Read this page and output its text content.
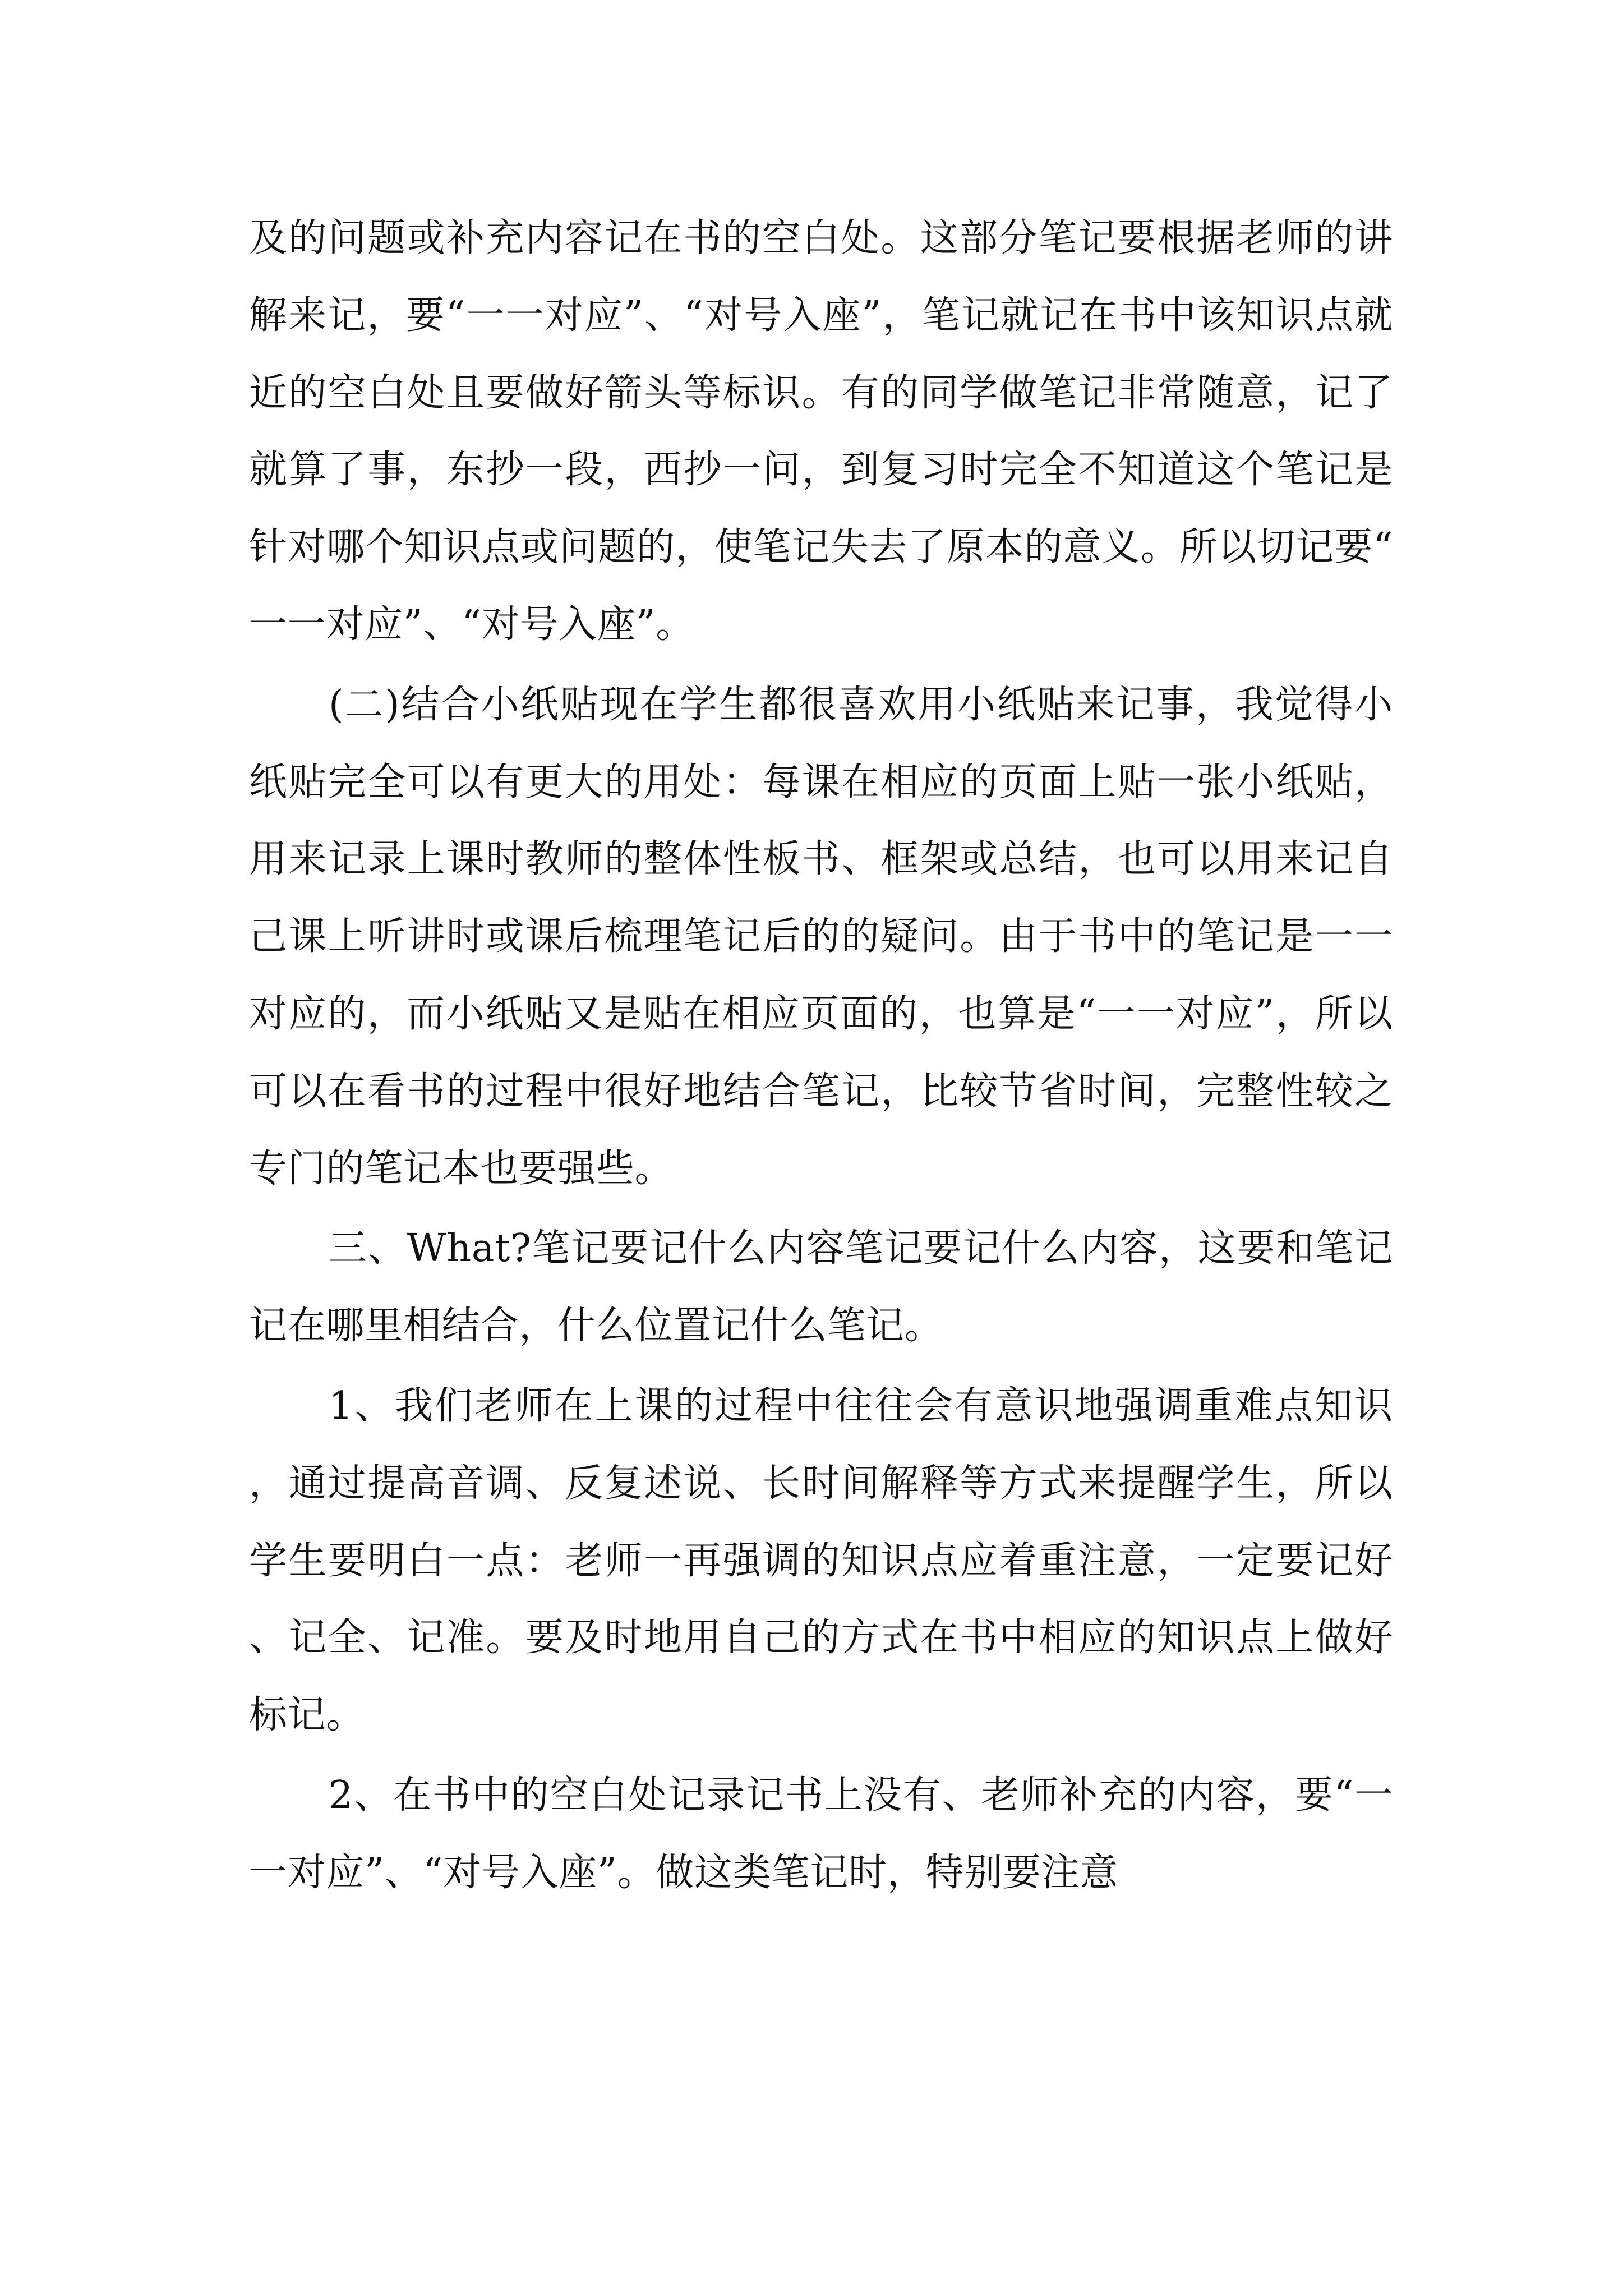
及的问题或补充内容记在书的空白处。这部分笔记要根据老师的讲解来记，要“一一对应”、“对号入座”，笔记就记在书中该知识点就近的空白处且要做好箭头等标识。有的同学做笔记非常随意，记了就算了事，东抄一段，西抄一问，到复习时完全不知道这个笔记是针对哪个知识点或问题的，使笔记失去了原本的意义。所以切记要“一一对应”、“对号入座”。

(二)结合小纸贴现在学生都很喜欢用小纸贴来记事，我觉得小纸贴完全可以有更大的用处：每课在相应的页面上贴一张小纸贴，用来记录上课时教师的整体性板书、框架或总结，也可以用来记自己课上听讲时或课后梳理笔记后的的疑问。由于书中的笔记是一一对应的，而小纸贴又是贴在相应页面的，也算是“一一对应”，所以可以在看书的过程中很好地结合笔记，比较节省时间，完整性较之专门的笔记本也要强些。

三、What?笔记要记什么内容笔记要记什么内容，这要和笔记记在哪里相结合，什么位置记什么笔记。

1、我们老师在上课的过程中往往会有意识地强调重难点知识，通过提高音调、反复述说、长时间解释等方式来提醒学生，所以学生要明白一点：老师一再强调的知识点应着重注意，一定要记好、记全、记准。要及时地用自己的方式在书中相应的知识点上做好标记。

2、在书中的空白处记录记书上没有、老师补充的内容，要“一一对应”、“对号入座”。做这类笔记时，特别要注意
